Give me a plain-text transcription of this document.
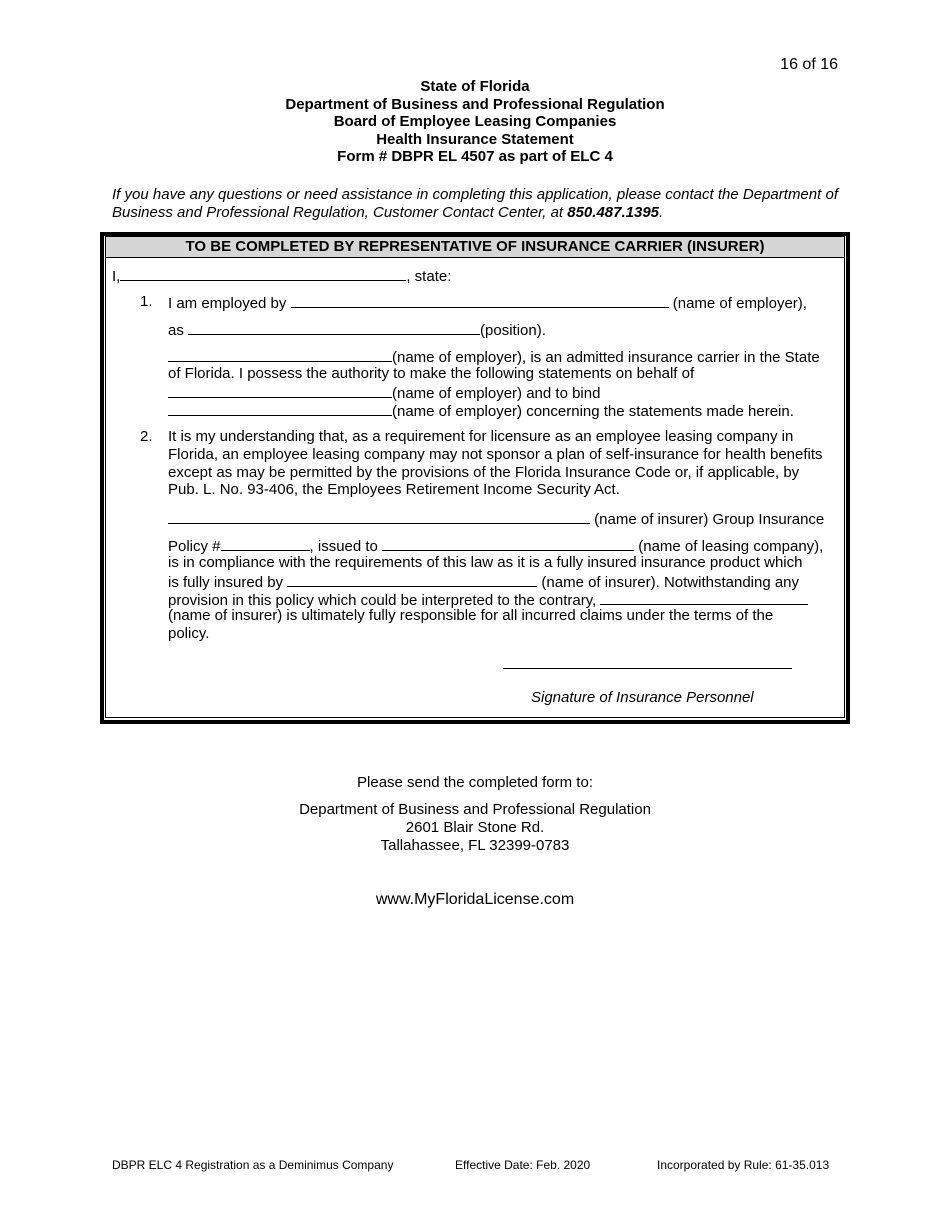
16 of 16
State of Florida
Department of Business and Professional Regulation
Board of Employee Leasing Companies
Health Insurance Statement
Form # DBPR EL 4507 as part of ELC 4
If you have any questions or need assistance in completing this application, please contact the Department of Business and Professional Regulation, Customer Contact Center, at 850.487.1395.
TO BE COMPLETED BY REPRESENTATIVE OF INSURANCE CARRIER (INSURER)
I,	, state:
1. I am employed by	(name of employer),
as	(position).
(name of employer), is an admitted insurance carrier in the State
of Florida. I possess the authority to make the following statements on behalf of
(name of employer) and to bind
(name of employer) concerning the statements made herein.
2. It is my understanding that, as a requirement for licensure as an employee leasing company in Florida, an employee leasing company may not sponsor a plan of self-insurance for health benefits except as may be permitted by the provisions of the Florida Insurance Code or, if applicable, by Pub. L. No. 93-406, the Employees Retirement Income Security Act.
(name of insurer) Group Insurance
Policy #	, issued to	(name of leasing company),
is in compliance with the requirements of this law as it is a fully insured insurance product which
is fully insured by	(name of insurer). Notwithstanding any
provision in this policy which could be interpreted to the contrary,
(name of insurer) is ultimately fully responsible for all incurred claims under the terms of the
policy.
Signature of Insurance Personnel
Please send the completed form to:
Department of Business and Professional Regulation
2601 Blair Stone Rd.
Tallahassee, FL 32399-0783
www.MyFloridaLicense.com
DBPR ELC 4 Registration as a Deminimus Company	Effective Date: Feb. 2020	Incorporated by Rule: 61-35.013
